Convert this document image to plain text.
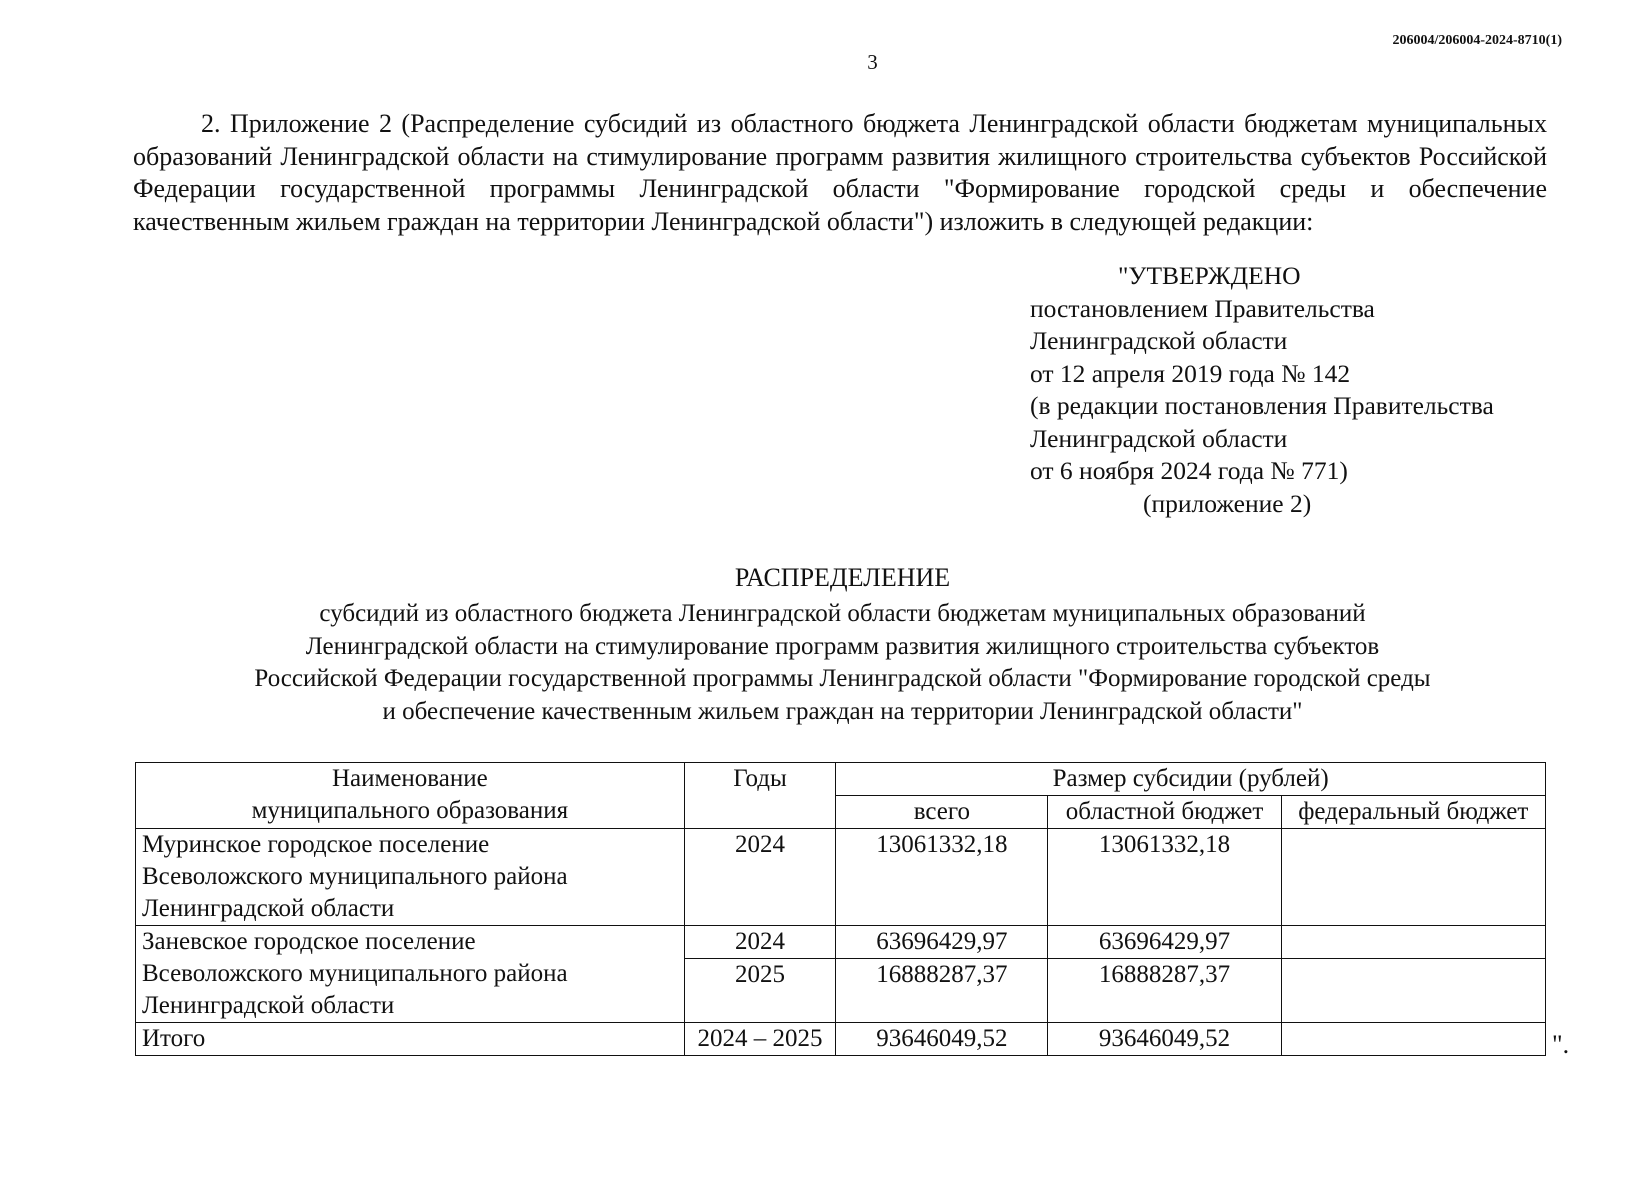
206004/206004-2024-8710(1)
3

2. Приложение 2 (Распределение субсидий из областного бюджета Ленинградской области бюджетам муниципальных образований Ленинградской области на стимулирование программ развития жилищного строительства субъектов Российской Федерации государственной программы Ленинградской области "Формирование городской среды и обеспечение качественным жильем граждан на территории Ленинградской области") изложить в следующей редакции:

"УТВЕРЖДЕНО
постановлением Правительства
Ленинградской области
от 12 апреля 2019 года № 142
(в редакции постановления Правительства
Ленинградской области
от 6 ноября 2024 года № 771)
(приложение 2)
РАСПРЕДЕЛЕНИЕ
субсидий из областного бюджета Ленинградской области бюджетам муниципальных образований
Ленинградской области на стимулирование программ развития жилищного строительства субъектов
Российской Федерации государственной программы Ленинградской области "Формирование городской среды
и обеспечение качественным жильем граждан на территории Ленинградской области"
Наименование
муниципального образования	Годы	Размер субсидии (рублей)		
		всего	областной бюджет	федеральный бюджет

Муринское городское поселение
Всеволожского муниципального района
Ленинградской области	2024	13061332,18	13061332,18	

Заневское городское поселение
Всеволожского муниципального района
Ленинградской области	2024	63696429,97	63696429,97	
	2025	16888287,37	16888287,37	
Итого	2024 – 2025	93646049,52	93646049,52		".
